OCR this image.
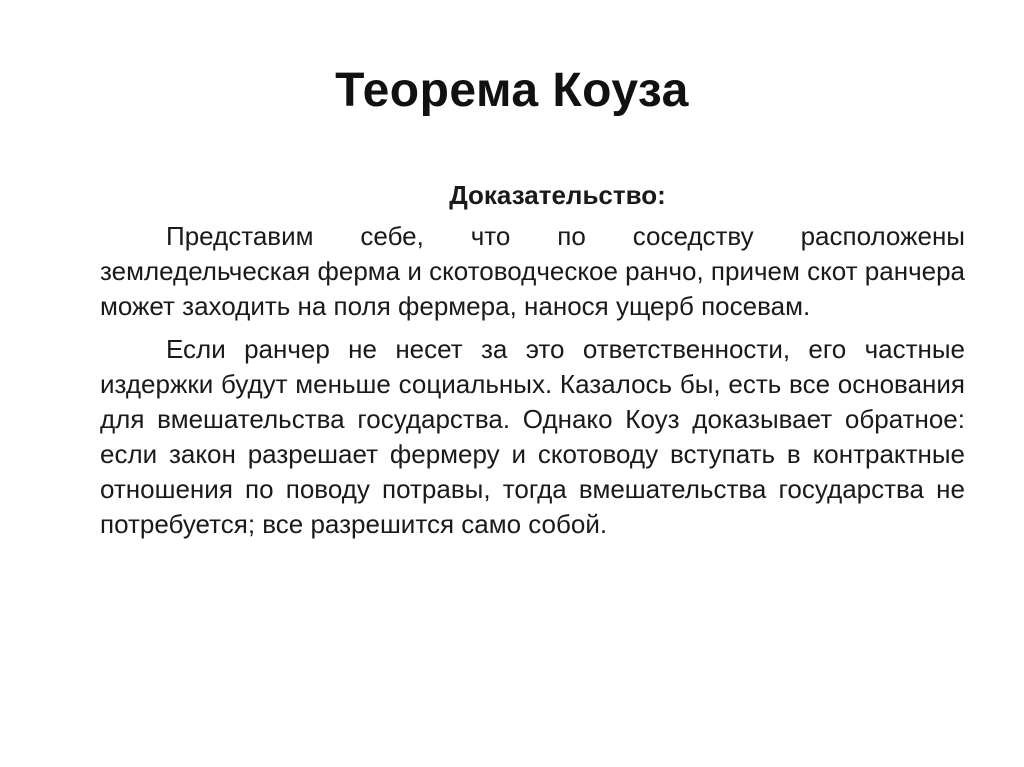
Теорема Коуза

Доказательство:

Представим себе, что по соседству расположены земледельческая ферма и скотоводческое ранчо, причем скот ранчера может заходить на поля фермера, нанося ущерб посевам.

Если ранчер не несет за это ответственности, его частные издержки будут меньше социальных. Казалось бы, есть все основания для вмешательства государства. Однако Коуз доказывает обратное: если закон разрешает фермеру и скотоводу вступать в контрактные отношения по поводу потравы, тогда вмешательства государства не потребуется; все разрешится само собой.
